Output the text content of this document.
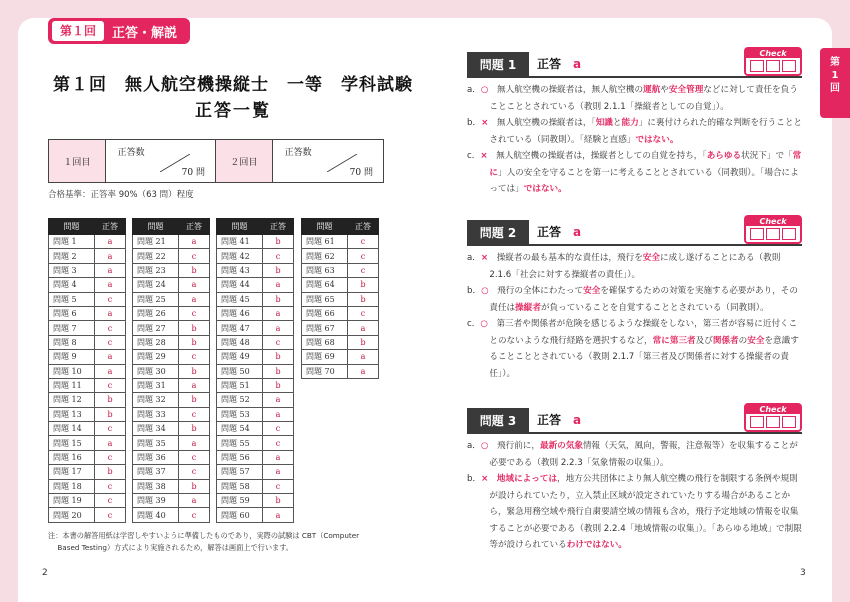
第１回	正答・解説
第１回　無人航空機操縦士　一等　学科試験
正答一覧
１回目
正答数
70 問
２回目
正答数
70 問
合格基準：正答率 90%（63 問）程度
問題	正答
問題 1	a
問題 2	a
問題 3	a
問題 4	a
問題 5	c
問題 6	a
問題 7	c
問題 8	c
問題 9	a
問題 10	a
問題 11	c
問題 12	b
問題 13	b
問題 14	c
問題 15	a
問題 16	c
問題 17	b
問題 18	c
問題 19	c
問題 20	c
問題	正答
問題 21	a
問題 22	c
問題 23	b
問題 24	a
問題 25	a
問題 26	c
問題 27	b
問題 28	b
問題 29	c
問題 30	b
問題 31	a
問題 32	b
問題 33	c
問題 34	b
問題 35	a
問題 36	c
問題 37	c
問題 38	b
問題 39	a
問題 40	c
問題	正答
問題 41	b
問題 42	c
問題 43	b
問題 44	a
問題 45	b
問題 46	a
問題 47	a
問題 48	c
問題 49	b
問題 50	b
問題 51	b
問題 52	a
問題 53	a
問題 54	c
問題 55	c
問題 56	a
問題 57	a
問題 58	c
問題 59	b
問題 60	a
問題	正答
問題 61	c
問題 62	c
問題 63	c
問題 64	b
問題 65	b
問題 66	c
問題 67	a
問題 68	b
問題 69	a
問題 70	a
注：本書の解答用紙は学習しやすいように準備したものであり，実際の試験は CBT（Computer
Based Testing）方式により実施されるため，解答は画面上で行います。
2	3
第
1
回
問題 1	正答　 a
Check

a．○　 無人航空機の操縦者は，無人航空機の運航や安全管理などに対して責任を負うことこととされている（教則 2.1.1「操縦者としての自覚」）。

b．×　 無人航空機の操縦者は，「知識と能力」に裏付けられた的確な判断を行うこととされている（同教則）。「経験と直感」ではない。

c．×　 無人航空機の操縦者は，操縦者としての自覚を持ち，「あらゆる状況下」で「常に」人の安全を守ることを第一に考えることとされている（同教則）。「場合によっては」ではない。

問題 2	正答　 a
Check

a．×　 操縦者の最も基本的な責任は，飛行を安全に成し遂げることにある（教則 2.1.6「社会に対する操縦者の責任」）。

b．○　 飛行の全体にわたって安全を確保するための対策を実施する必要があり，その責任は操縦者が負っていることを自覚することとされている（同教則）。

c．○　 第三者や関係者が危険を感じるような操縦をしない，第三者が容易に近付くことのないような飛行経路を選択するなど，常に第三者及び関係者の安全を意識することこととされている（教則 2.1.7「第三者及び関係者に対する操縦者の責任」）。

問題 3	正答　 a
Check

a．○　 飛行前に，最新の気象情報（天気，風向，警報，注意報等）を収集することが必要である（教則 2.2.3「気象情報の収集」）。

b．×　 地域によっては，地方公共団体により無人航空機の飛行を制限する条例や規則が設けられていたり，立入禁止区域が設定されていたりする場合があることから，緊急用務空域や飛行自粛要請空域の情報も含め，飛行予定地域の情報を収集することが必要である（教則 2.2.4「地域情報の収集」）。「あらゆる地域」で制限等が設けられているわけではない。
